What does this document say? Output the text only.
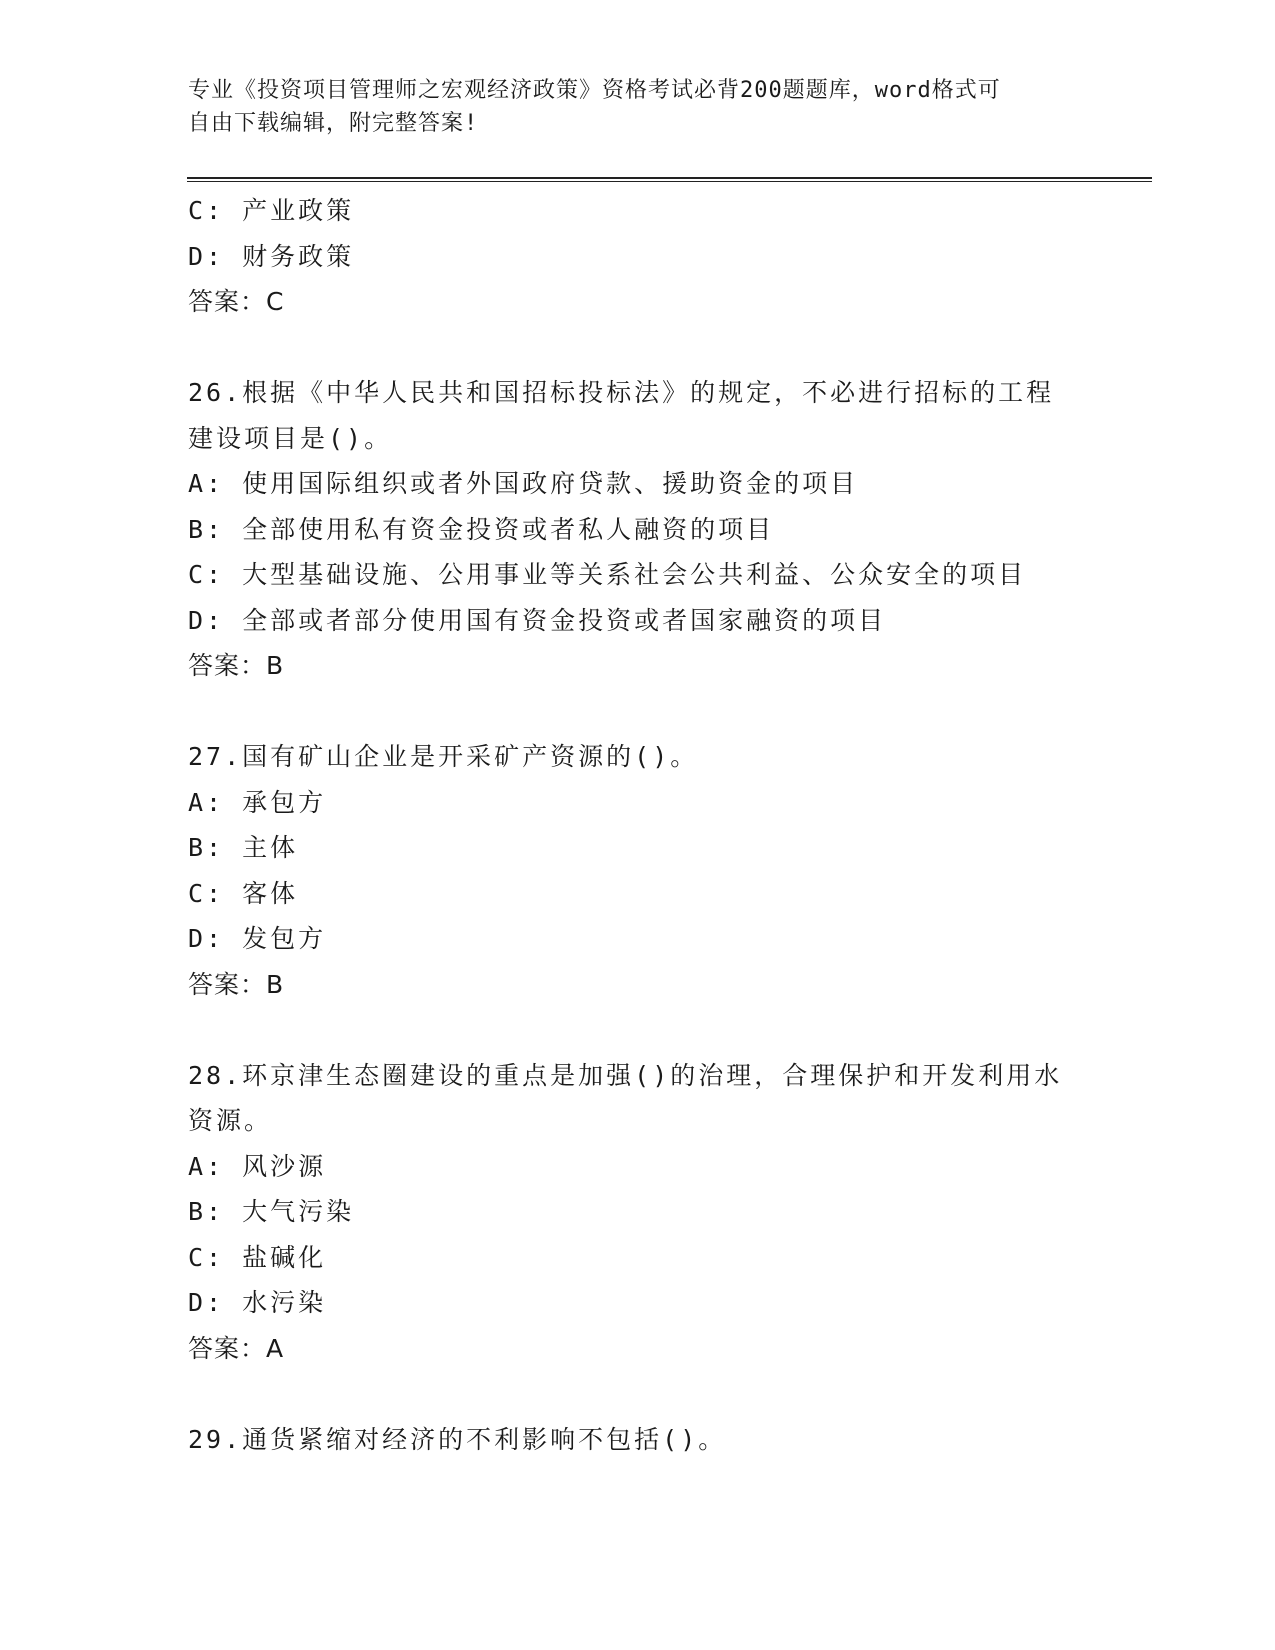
专业《投资项目管理师之宏观经济政策》资格考试必背200题题库，word格式可
自由下载编辑，附完整答案!
C: 产业政策
D: 财务政策
答案：C
26.根据《中华人民共和国招标投标法》的规定，不必进行招标的工程
建设项目是()。
A: 使用国际组织或者外国政府贷款、援助资金的项目
B: 全部使用私有资金投资或者私人融资的项目
C: 大型基础设施、公用事业等关系社会公共利益、公众安全的项目
D: 全部或者部分使用国有资金投资或者国家融资的项目
答案：B
27.国有矿山企业是开采矿产资源的()。
A: 承包方
B: 主体
C: 客体
D: 发包方
答案：B
28.环京津生态圈建设的重点是加强()的治理，合理保护和开发利用水
资源。
A: 风沙源
B: 大气污染
C: 盐碱化
D: 水污染
答案：A
29.通货紧缩对经济的不利影响不包括()。
